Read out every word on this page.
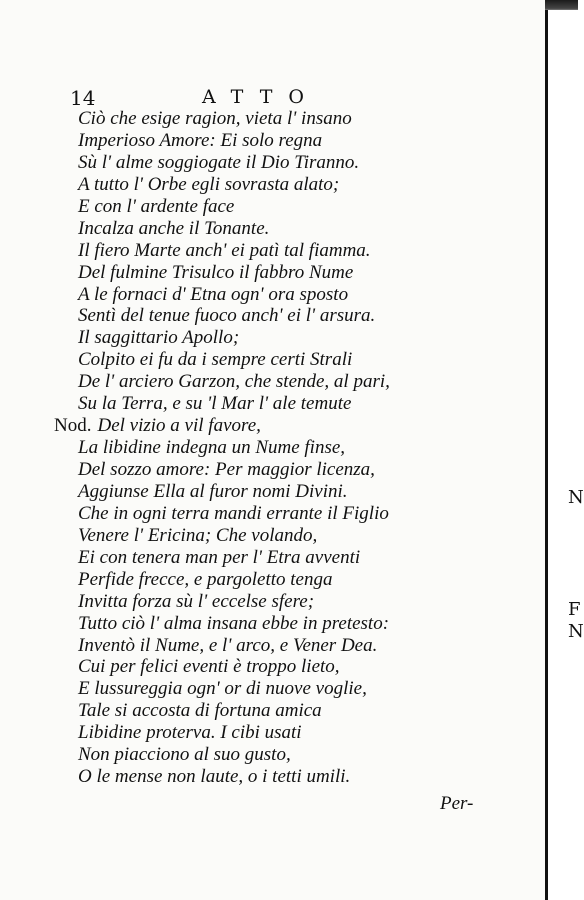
N
F
N
14	ATTO
Ciò che esige ragion, vieta l' insano
Imperioso Amore: Ei solo regna
Sù l' alme soggiogate il Dio Tiranno.
A tutto l' Orbe egli sovrasta alato;
E con l' ardente face
Incalza anche il Tonante.
Il fiero Marte anch' ei patì tal fiamma.
Del fulmine Trisulco il fabbro Nume
A le fornaci d' Etna ogn' ora sposto
Sentì del tenue fuoco anch' ei l' arsura.
Il saggittario Apollo;
Colpito ei fu da i sempre certi Strali
De l' arciero Garzon, che stende, al pari,
Su la Terra, e su 'l Mar l' ale temute
Nod. Del vizio a vil favore,
La libidine indegna un Nume finse,
Del sozzo amore: Per maggior licenza,
Aggiunse Ella al furor nomi Divini.
Che in ogni terra mandi errante il Figlio
Venere l' Ericina; Che volando,
Ei con tenera man per l' Etra avventi
Perfide frecce, e pargoletto tenga
Invitta forza sù l' eccelse sfere;
Tutto ciò l' alma insana ebbe in pretesto:
Inventò il Nume, e l' arco, e Vener Dea.
Cui per felici eventi è troppo lieto,
E lussureggia ogn' or di nuove voglie,
Tale si accosta di fortuna amica
Libidine proterva. I cibi usati
Non piacciono al suo gusto,
O le mense non laute, o i tetti umili.
Per-
